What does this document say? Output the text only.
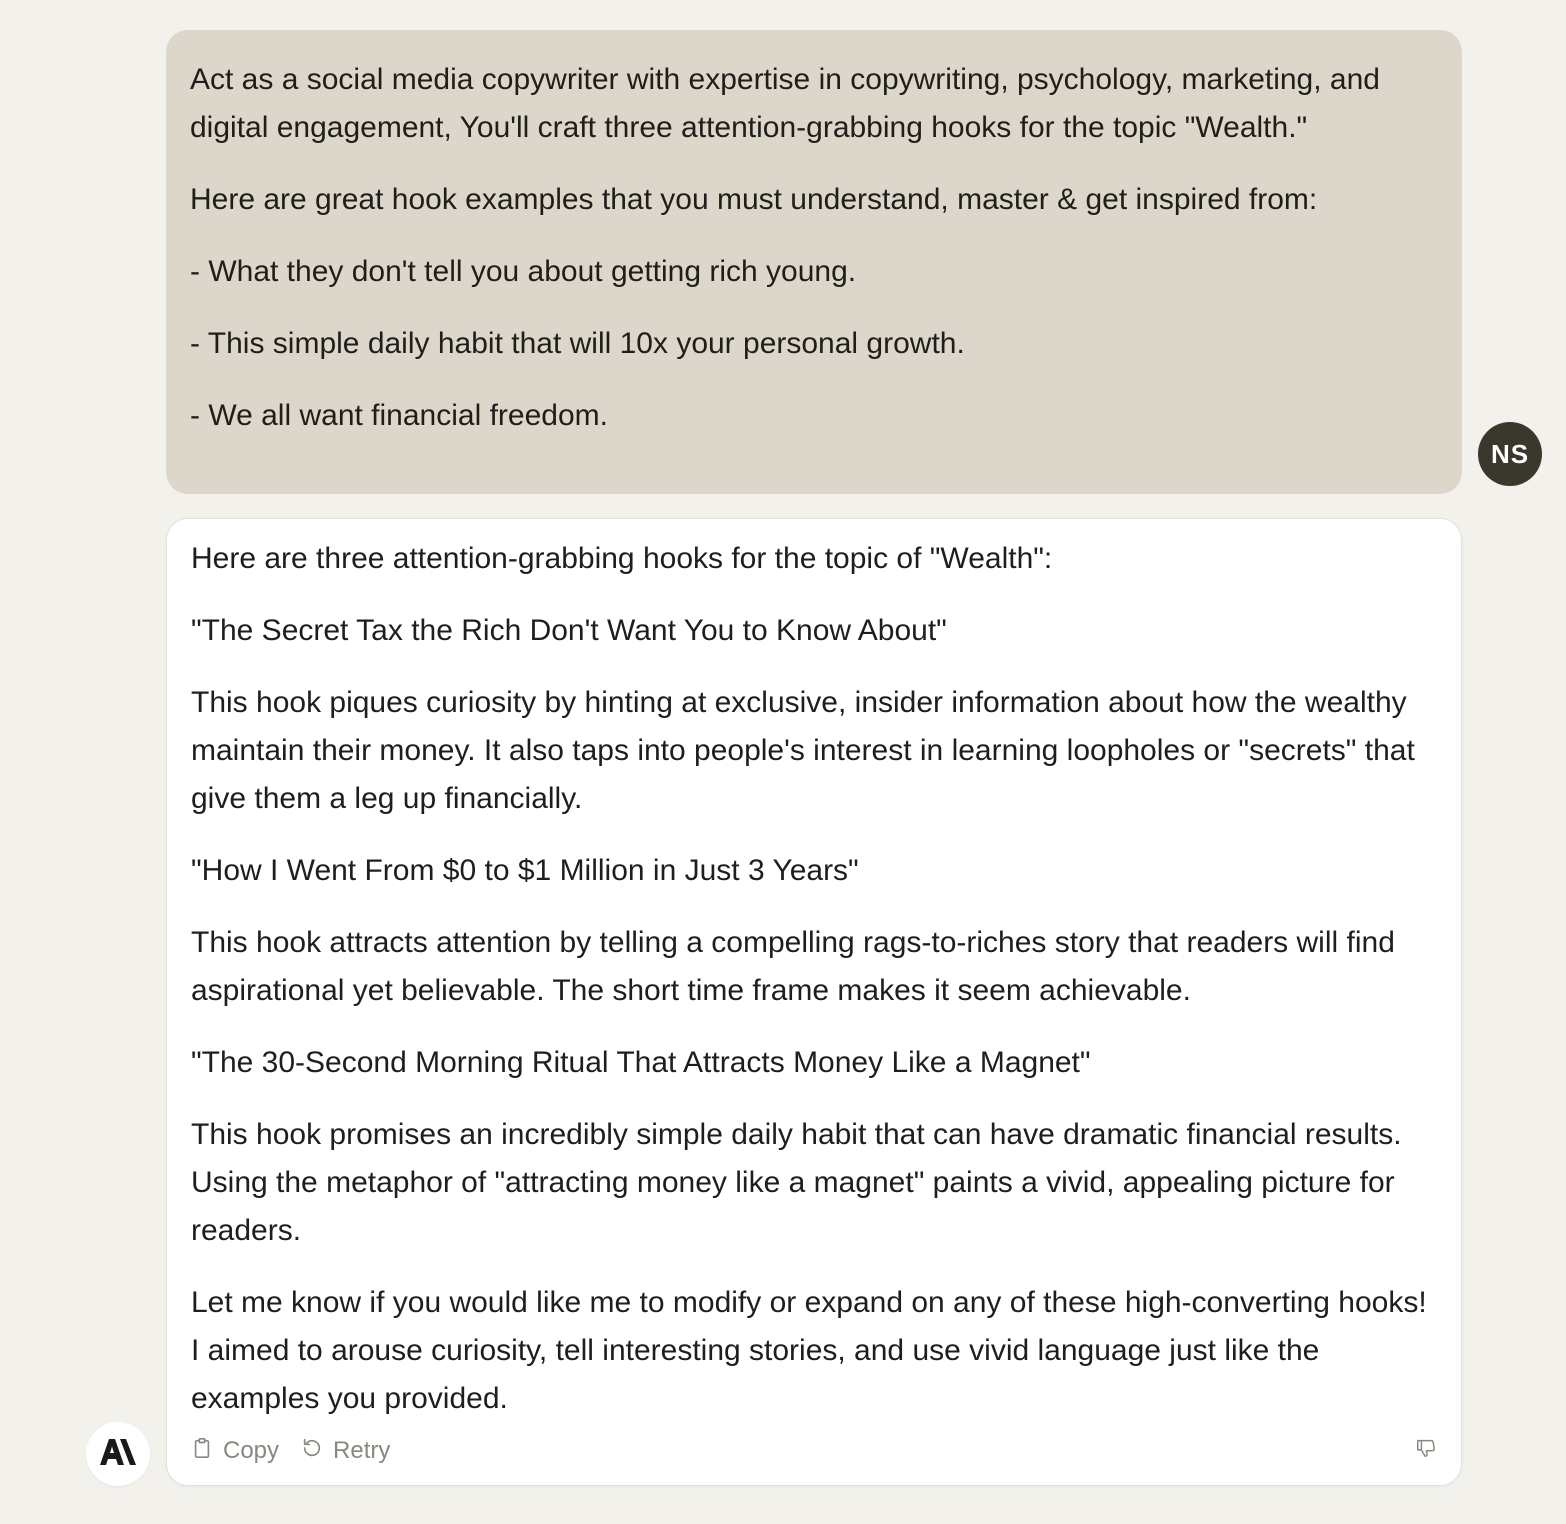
Act as a social media copywriter with expertise in copywriting, psychology, marketing, and digital engagement, You'll craft three attention-grabbing hooks for the topic "Wealth."

Here are great hook examples that you must understand, master & get inspired from:

- What they don't tell you about getting rich young.

- This simple daily habit that will 10x your personal growth.

- We all want financial freedom.

NS

Here are three attention-grabbing hooks for the topic of "Wealth":

"The Secret Tax the Rich Don't Want You to Know About"

This hook piques curiosity by hinting at exclusive, insider information about how the wealthy maintain their money. It also taps into people's interest in learning loopholes or "secrets" that give them a leg up financially.

"How I Went From $0 to $1 Million in Just 3 Years"

This hook attracts attention by telling a compelling rags-to-riches story that readers will find aspirational yet believable. The short time frame makes it seem achievable.

"The 30-Second Morning Ritual That Attracts Money Like a Magnet"

This hook promises an incredibly simple daily habit that can have dramatic financial results. Using the metaphor of "attracting money like a magnet" paints a vivid, appealing picture for readers.

Let me know if you would like me to modify or expand on any of these high-converting hooks! I aimed to arouse curiosity, tell interesting stories, and use vivid language just like the examples you provided.

Copy Retry
